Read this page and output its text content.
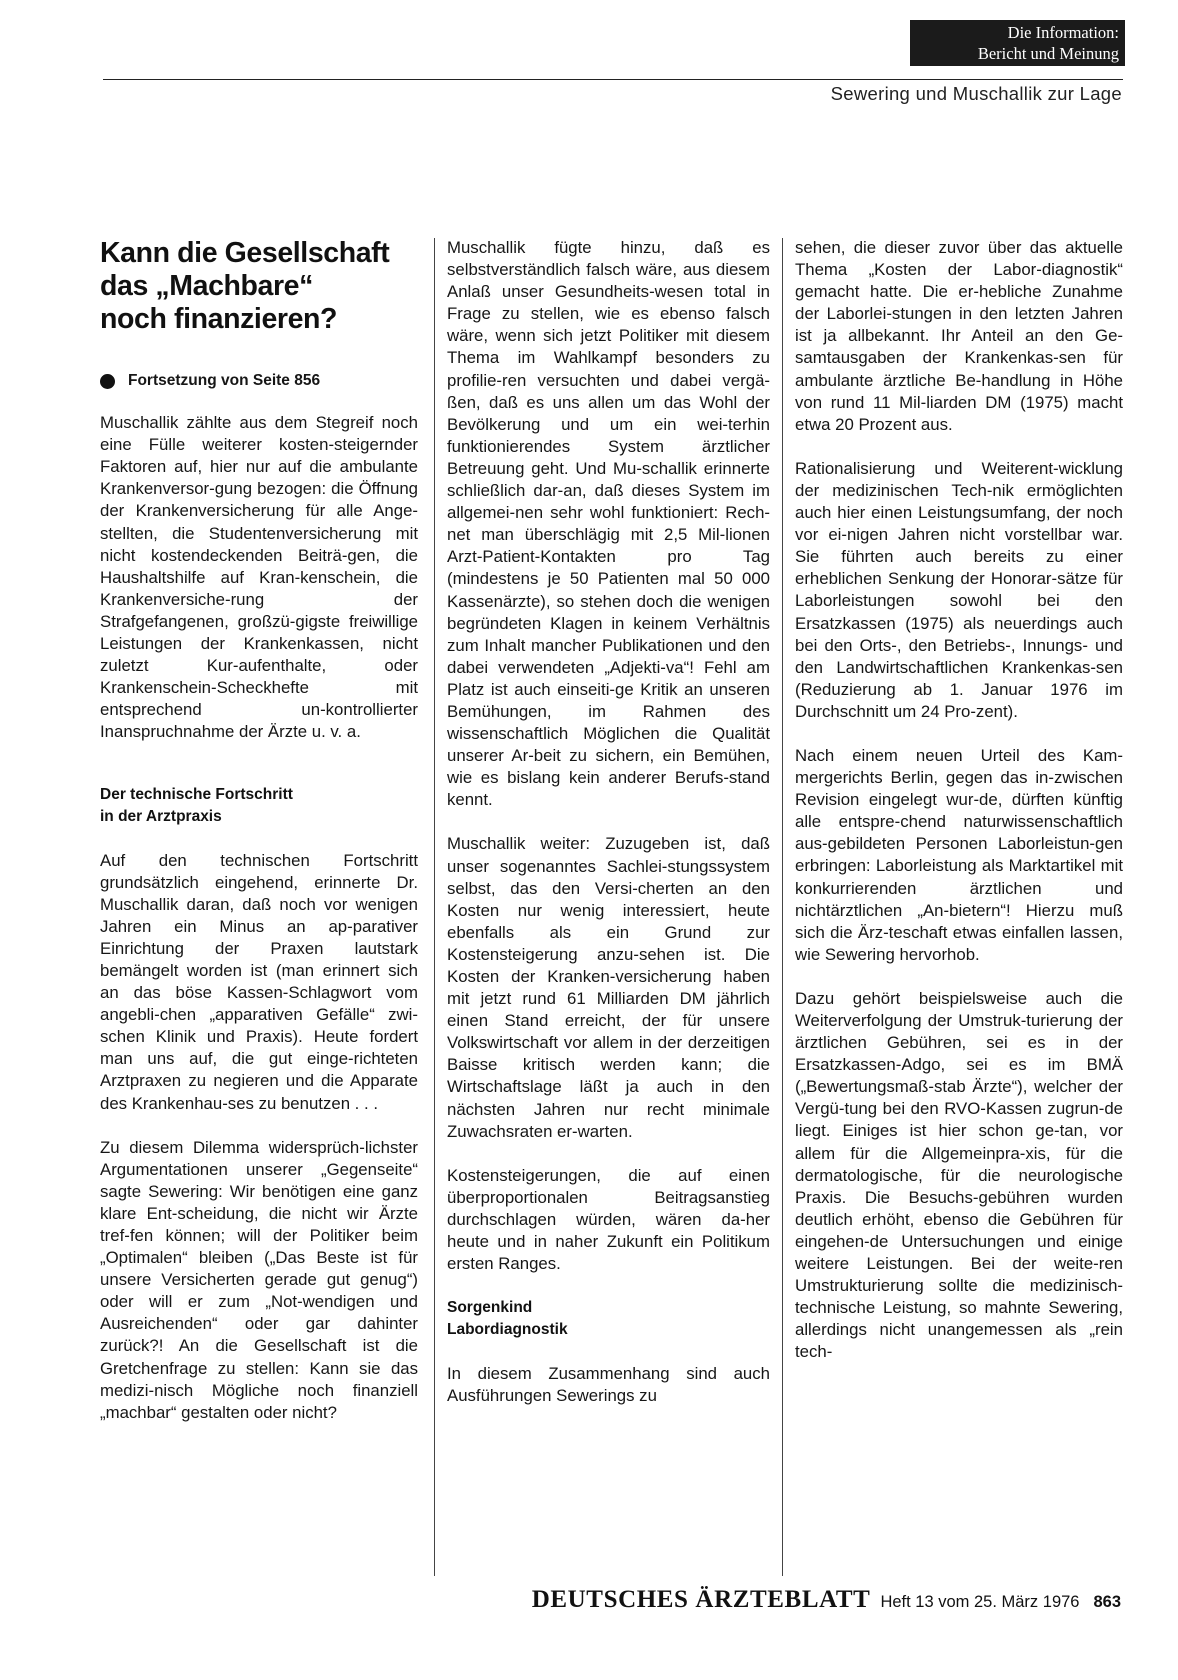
Die Information:
Bericht und Meinung
Sewering und Muschallik zur Lage
Kann die Gesellschaft
das „Machbare“
noch finanzieren?
Fortsetzung von Seite 856

Muschallik zählte aus dem Stegreif noch eine Fülle weiterer kosten-steigernder Faktoren auf, hier nur auf die ambulante Krankenversor-gung bezogen: die Öffnung der Krankenversicherung für alle Ange-stellten, die Studentenversicherung mit nicht kostendeckenden Beiträ-gen, die Haushaltshilfe auf Kran-kenschein, die Krankenversiche-rung der Strafgefangenen, großzü-gigste freiwillige Leistungen der Krankenkassen, nicht zuletzt Kur-aufenthalte, oder Krankenschein-Scheckhefte mit entsprechend un-kontrollierter Inanspruchnahme der Ärzte u. v. a.

Der technische Fortschritt
in der Arztpraxis

Auf den technischen Fortschritt grundsätzlich eingehend, erinnerte Dr. Muschallik daran, daß noch vor wenigen Jahren ein Minus an ap-parativer Einrichtung der Praxen lautstark bemängelt worden ist (man erinnert sich an das böse Kassen-Schlagwort vom angebli-chen „apparativen Gefälle“ zwi-schen Klinik und Praxis). Heute fordert man uns auf, die gut einge-richteten Arztpraxen zu negieren und die Apparate des Krankenhau-ses zu benutzen . . .

Zu diesem Dilemma widersprüch-lichster Argumentationen unserer „Gegenseite“ sagte Sewering: Wir benötigen eine ganz klare Ent-scheidung, die nicht wir Ärzte tref-fen können; will der Politiker beim „Optimalen“ bleiben („Das Beste ist für unsere Versicherten gerade gut genug“) oder will er zum „Not-wendigen und Ausreichenden“ oder gar dahinter zurück?! An die Gesellschaft ist die Gretchenfrage zu stellen: Kann sie das medizi-nisch Mögliche noch finanziell „machbar“ gestalten oder nicht?

Muschallik fügte hinzu, daß es selbstverständlich falsch wäre, aus diesem Anlaß unser Gesundheits-wesen total in Frage zu stellen, wie es ebenso falsch wäre, wenn sich jetzt Politiker mit diesem Thema im Wahlkampf besonders zu profilie-ren versuchten und dabei vergä-ßen, daß es uns allen um das Wohl der Bevölkerung und um ein wei-terhin funktionierendes System ärztlicher Betreuung geht. Und Mu-schallik erinnerte schließlich dar-an, daß dieses System im allgemei-nen sehr wohl funktioniert: Rech-net man überschlägig mit 2,5 Mil-lionen Arzt-Patient-Kontakten pro Tag (mindestens je 50 Patienten mal 50 000 Kassenärzte), so stehen doch die wenigen begründeten Klagen in keinem Verhältnis zum Inhalt mancher Publikationen und den dabei verwendeten „Adjekti-va“! Fehl am Platz ist auch einseiti-ge Kritik an unseren Bemühungen, im Rahmen des wissenschaftlich Möglichen die Qualität unserer Ar-beit zu sichern, ein Bemühen, wie es bislang kein anderer Berufs-stand kennt.

Muschallik weiter: Zuzugeben ist, daß unser sogenanntes Sachlei-stungssystem selbst, das den Versi-cherten an den Kosten nur wenig interessiert, heute ebenfalls als ein Grund zur Kostensteigerung anzu-sehen ist. Die Kosten der Kranken-versicherung haben mit jetzt rund 61 Milliarden DM jährlich einen Stand erreicht, der für unsere Volkswirtschaft vor allem in der derzeitigen Baisse kritisch werden kann; die Wirtschaftslage läßt ja auch in den nächsten Jahren nur recht minimale Zuwachsraten er-warten.

Kostensteigerungen, die auf einen überproportionalen Beitragsanstieg durchschlagen würden, wären da-her heute und in naher Zukunft ein Politikum ersten Ranges.

Sorgenkind
Labordiagnostik

In diesem Zusammenhang sind auch Ausführungen Sewerings zu

sehen, die dieser zuvor über das aktuelle Thema „Kosten der Labor-diagnostik“ gemacht hatte. Die er-hebliche Zunahme der Laborlei-stungen in den letzten Jahren ist ja allbekannt. Ihr Anteil an den Ge-samtausgaben der Krankenkas-sen für ambulante ärztliche Be-handlung in Höhe von rund 11 Mil-liarden DM (1975) macht etwa 20 Prozent aus.

Rationalisierung und Weiterent-wicklung der medizinischen Tech-nik ermöglichten auch hier einen Leistungsumfang, der noch vor ei-nigen Jahren nicht vorstellbar war. Sie führten auch bereits zu einer erheblichen Senkung der Honorar-sätze für Laborleistungen sowohl bei den Ersatzkassen (1975) als neuerdings auch bei den Orts-, den Betriebs-, Innungs- und den Landwirtschaftlichen Krankenkas-sen (Reduzierung ab 1. Januar 1976 im Durchschnitt um 24 Pro-zent).

Nach einem neuen Urteil des Kam-mergerichts Berlin, gegen das in-zwischen Revision eingelegt wur-de, dürften künftig alle entspre-chend naturwissenschaftlich aus-gebildeten Personen Laborleistun-gen erbringen: Laborleistung als Marktartikel mit konkurrierenden ärztlichen und nichtärztlichen „An-bietern“! Hierzu muß sich die Ärz-teschaft etwas einfallen lassen, wie Sewering hervorhob.

Dazu gehört beispielsweise auch die Weiterverfolgung der Umstruk-turierung der ärztlichen Gebühren, sei es in der Ersatzkassen-Adgo, sei es im BMÄ („Bewertungsmaß-stab Ärzte“), welcher der Vergü-tung bei den RVO-Kassen zugrun-de liegt. Einiges ist hier schon ge-tan, vor allem für die Allgemeinpra-xis, für die dermatologische, für die neurologische Praxis. Die Besuchs-gebühren wurden deutlich erhöht, ebenso die Gebühren für eingehen-de Untersuchungen und einige weitere Leistungen. Bei der weite-ren Umstrukturierung sollte die medizinisch-technische Leistung, so mahnte Sewering, allerdings nicht unangemessen als „rein tech-

DEUTSCHES ÄRZTEBLATT Heft 13 vom 25. März 1976 863
